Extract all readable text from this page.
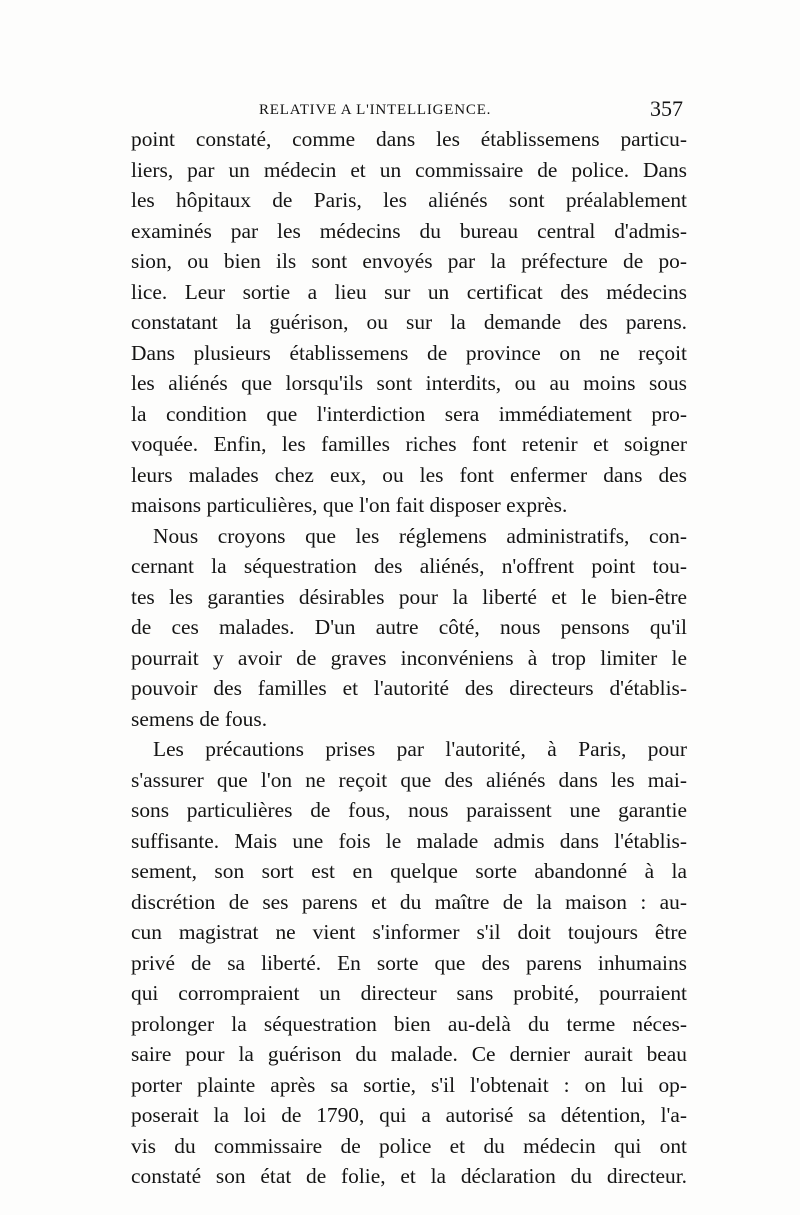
RELATIVE A L'INTELLIGENCE.	357
point constaté, comme dans les établissemens particu-
liers, par un médecin et un commissaire de police. Dans
les hôpitaux de Paris, les aliénés sont préalablement
examinés par les médecins du bureau central d'admis-
sion, ou bien ils sont envoyés par la préfecture de po-
lice. Leur sortie a lieu sur un certificat des médecins
constatant la guérison, ou sur la demande des parens.
Dans plusieurs établissemens de province on ne reçoit
les aliénés que lorsqu'ils sont interdits, ou au moins sous
la condition que l'interdiction sera immédiatement pro-
voquée. Enfin, les familles riches font retenir et soigner
leurs malades chez eux, ou les font enfermer dans des
maisons particulières, que l'on fait disposer exprès.
Nous croyons que les réglemens administratifs, con-
cernant la séquestration des aliénés, n'offrent point tou-
tes les garanties désirables pour la liberté et le bien-être
de ces malades. D'un autre côté, nous pensons qu'il
pourrait y avoir de graves inconvéniens à trop limiter le
pouvoir des familles et l'autorité des directeurs d'établis-
semens de fous.
Les précautions prises par l'autorité, à Paris, pour
s'assurer que l'on ne reçoit que des aliénés dans les mai-
sons particulières de fous, nous paraissent une garantie
suffisante. Mais une fois le malade admis dans l'établis-
sement, son sort est en quelque sorte abandonné à la
discrétion de ses parens et du maître de la maison : au-
cun magistrat ne vient s'informer s'il doit toujours être
privé de sa liberté. En sorte que des parens inhumains
qui corrompraient un directeur sans probité, pourraient
prolonger la séquestration bien au-delà du terme néces-
saire pour la guérison du malade. Ce dernier aurait beau
porter plainte après sa sortie, s'il l'obtenait : on lui op-
poserait la loi de 1790, qui a autorisé sa détention, l'a-
vis du commissaire de police et du médecin qui ont
constaté son état de folie, et la déclaration du directeur.
